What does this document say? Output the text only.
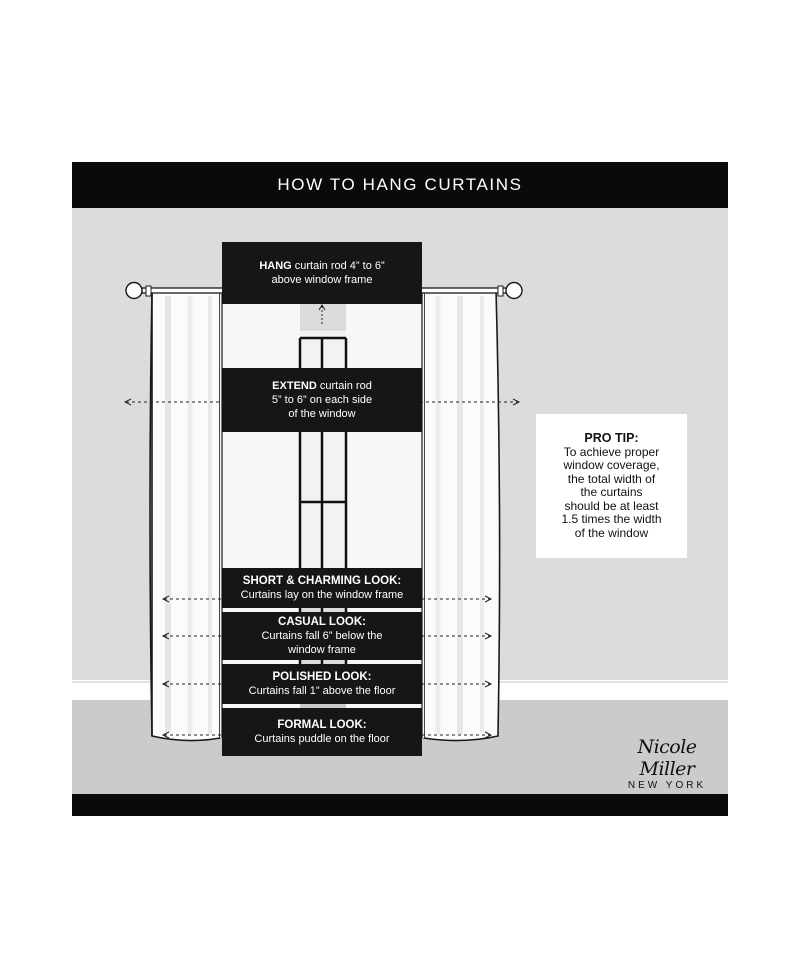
HOW TO HANG CURTAINS
HANG curtain rod 4” to 6”
above window frame
EXTEND curtain rod
5” to 6” on each side
of the window
SHORT & CHARMING LOOK:
Curtains lay on the window frame
CASUAL LOOK:
Curtains fall 6” below the
window frame
POLISHED LOOK:
Curtains fall 1” above the floor
FORMAL LOOK:
Curtains puddle on the floor
PRO TIP:
To achieve proper
window coverage,
the total width of
the curtains
should be at least
1.5 times the width
of the window
Nicole Miller
NEW YORK
